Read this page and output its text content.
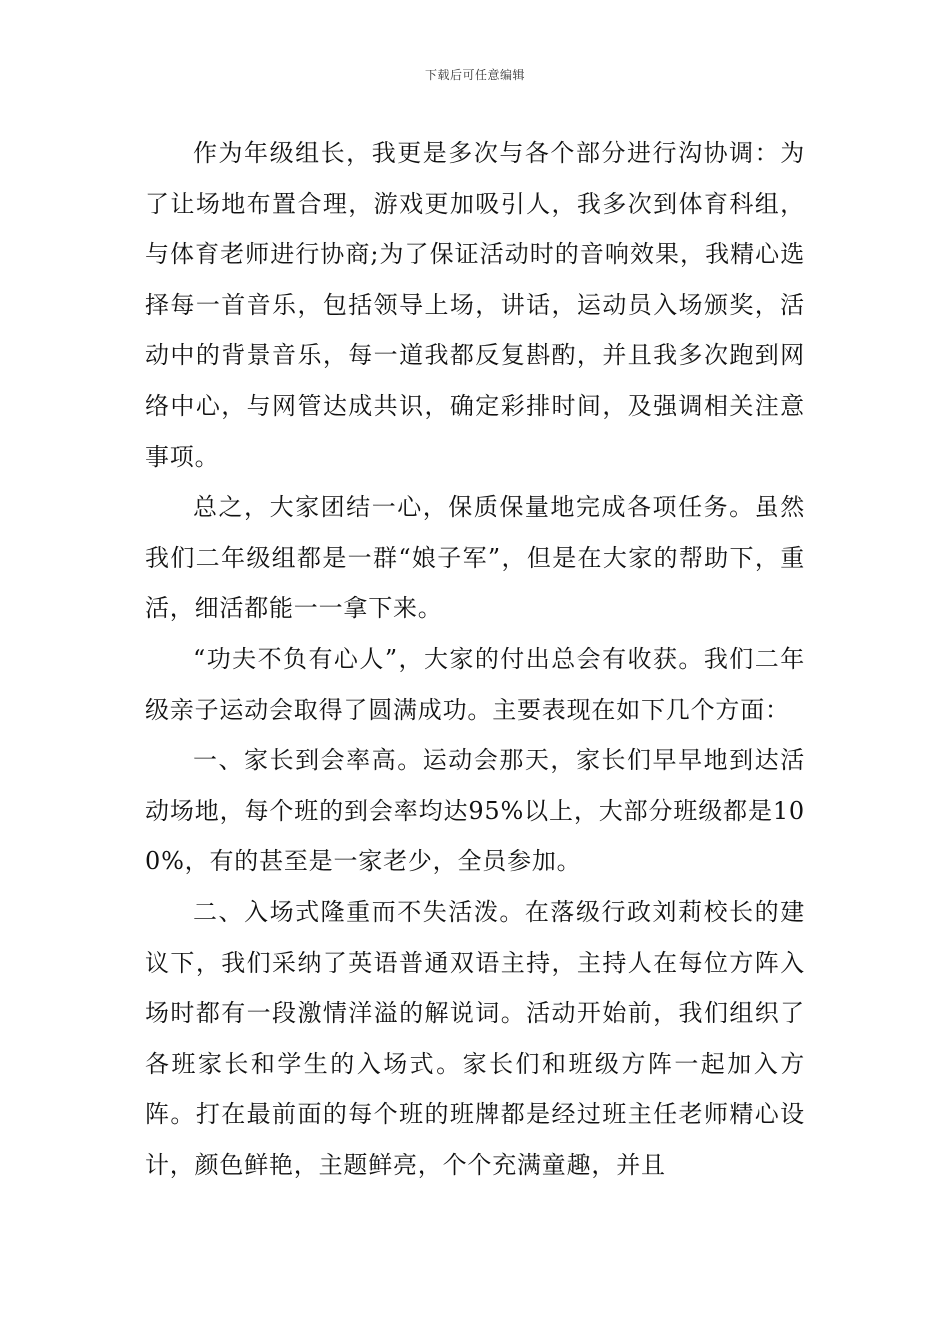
下载后可任意编辑

作为年级组长，我更是多次与各个部分进行沟协调：为了让场地布置合理，游戏更加吸引人，我多次到体育科组，与体育老师进行协商;为了保证活动时的音响效果，我精心选择每一首音乐，包括领导上场，讲话，运动员入场颁奖，活动中的背景音乐，每一道我都反复斟酌，并且我多次跑到网络中心，与网管达成共识，确定彩排时间，及强调相关注意事项。

总之，大家团结一心，保质保量地完成各项任务。虽然我们二年级组都是一群“娘子军”，但是在大家的帮助下，重活，细活都能一一拿下来。

“功夫不负有心人”，大家的付出总会有收获。我们二年级亲子运动会取得了圆满成功。主要表现在如下几个方面：

一、家长到会率高。运动会那天，家长们早早地到达活动场地，每个班的到会率均达95%以上，大部分班级都是100%，有的甚至是一家老少，全员参加。

二、入场式隆重而不失活泼。在落级行政刘莉校长的建议下，我们采纳了英语普通双语主持，主持人在每位方阵入场时都有一段激情洋溢的解说词。活动开始前，我们组织了各班家长和学生的入场式。家长们和班级方阵一起加入方阵。打在最前面的每个班的班牌都是经过班主任老师精心设计，颜色鲜艳，主题鲜亮，个个充满童趣，并且
